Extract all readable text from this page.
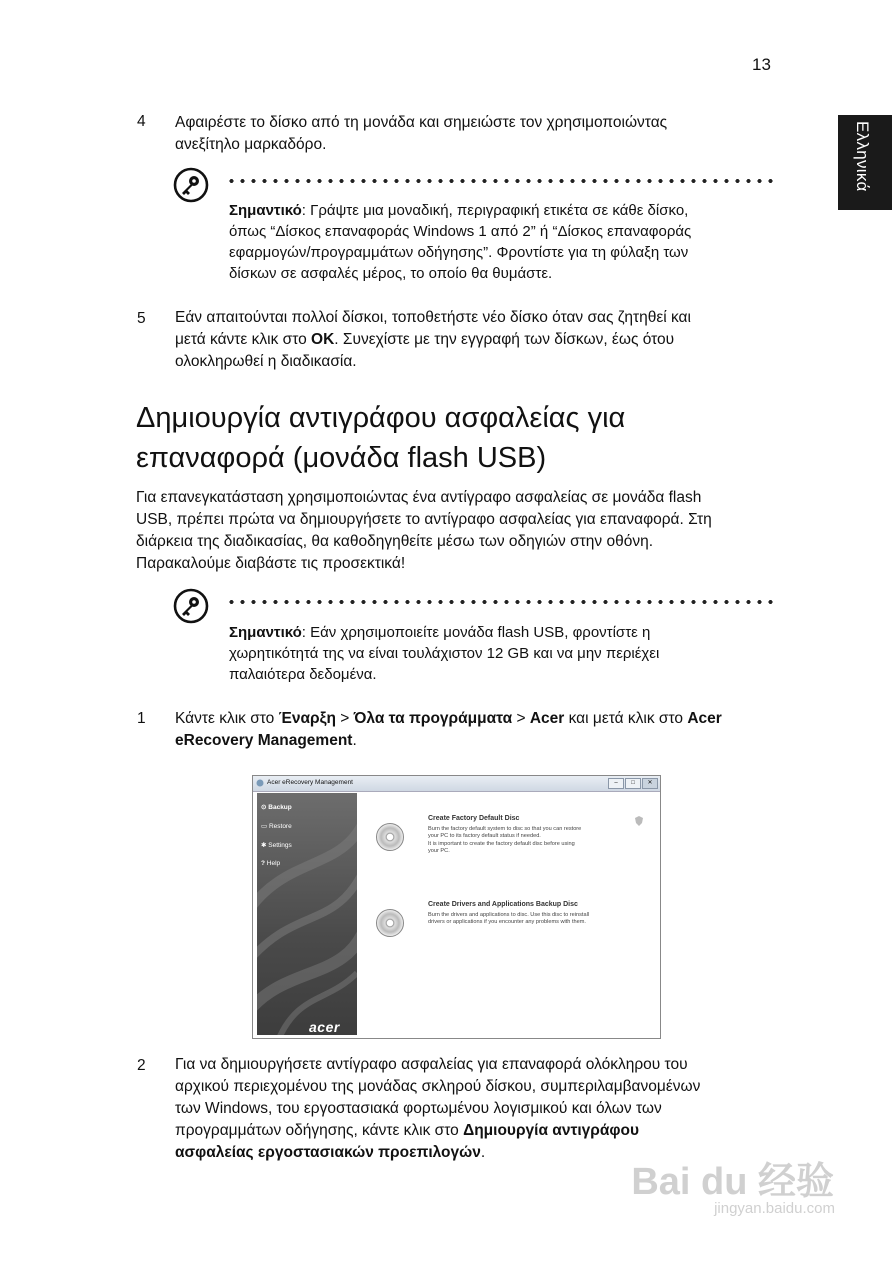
13
Ελληνικά
4 Αφαιρέστε το δίσκο από τη μονάδα και σημειώστε τον χρησιμοποιώντας
ανεξίτηλο μαρκαδόρο.
Σημαντικό: Γράψτε μια μοναδική, περιγραφική ετικέτα σε κάθε δίσκο,
όπως “Δίσκος επαναφοράς Windows 1 από 2” ή “Δίσκος επαναφοράς
εφαρμογών/προγραμμάτων οδήγησης”. Φροντίστε για τη φύλαξη των
δίσκων σε ασφαλές μέρος, το οποίο θα θυμάστε.
5 Εάν απαιτούνται πολλοί δίσκοι, τοποθετήστε νέο δίσκο όταν σας ζητηθεί και
μετά κάντε κλικ στο OK. Συνεχίστε με την εγγραφή των δίσκων, έως ότου
ολοκληρωθεί η διαδικασία.
Δημιουργία αντιγράφου ασφαλείας για
επαναφορά (μονάδα flash USB)
Για επανεγκατάσταση χρησιμοποιώντας ένα αντίγραφο ασφαλείας σε μονάδα flash
USB, πρέπει πρώτα να δημιουργήσετε το αντίγραφο ασφαλείας για επαναφορά. Στη
διάρκεια της διαδικασίας, θα καθοδηγηθείτε μέσω των οδηγιών στην οθόνη.
Παρακαλούμε διαβάστε τις προσεκτικά!
Σημαντικό: Εάν χρησιμοποιείτε μονάδα flash USB, φροντίστε η
χωρητικότητά της να είναι τουλάχιστον 12 GB και να μην περιέχει
παλαιότερα δεδομένα.
1 Κάντε κλικ στο Έναρξη > Όλα τα προγράμματα > Acer και μετά κλικ στο Acer
eRecovery Management.
Acer eRecovery Management	– □ ✕
⊙ Backup
▭ Restore
✱ Settings
? Help
acer
Create Factory Default Disc
Burn the factory default system to disc so that you can restore
your PC to its factory default status if needed.
It is important to create the factory default disc before using
your PC.
Create Drivers and Applications Backup Disc
Burn the drivers and applications to disc. Use this disc to reinstall
drivers or applications if you encounter any problems with them.
2 Για να δημιουργήσετε αντίγραφο ασφαλείας για επαναφορά ολόκληρου του
αρχικού περιεχομένου της μονάδας σκληρού δίσκου, συμπεριλαμβανομένων
των Windows, του εργοστασιακά φορτωμένου λογισμικού και όλων των
προγραμμάτων οδήγησης, κάντε κλικ στο Δημιουργία αντιγράφου
ασφαλείας εργοστασιακών προεπιλογών.
Bai du 经验
jingyan.baidu.com
